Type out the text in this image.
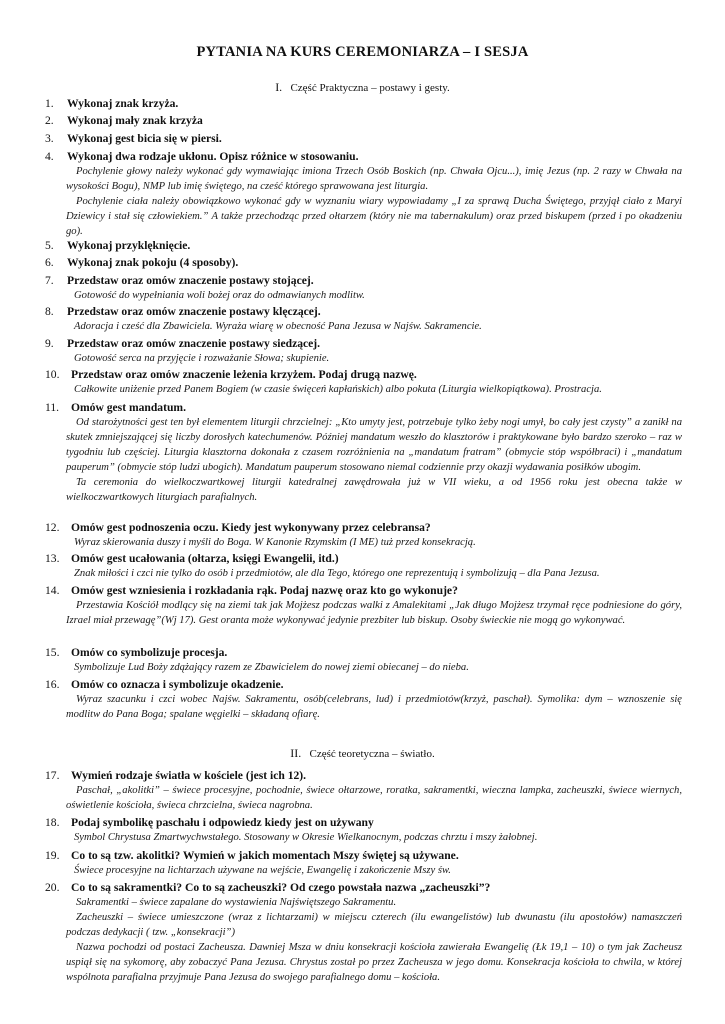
PYTANIA NA KURS CEREMONIARZA – I SESJA
I. Część Praktyczna – postawy i gesty.
1. Wykonaj znak krzyża.
2. Wykonaj mały znak krzyża
3. Wykonaj gest bicia się w piersi.
4. Wykonaj dwa rodzaje ukłonu. Opisz różnice w stosowaniu.

Pochylenie głowy należy wykonać gdy wymawiając imiona Trzech Osób Boskich (np. Chwała Ojcu...), imię Jezus (np. 2 razy w Chwała na wysokości Bogu), NMP lub imię świętego, na cześć którego sprawowana jest liturgia.

Pochylenie ciała należy obowiązkowo wykonać gdy w wyznaniu wiary wypowiadamy „I za sprawą Ducha Świętego, przyjął ciało z Maryi Dziewicy i stał się człowiekiem.” A także przechodząc przed ołtarzem (który nie ma tabernakulum) oraz przed biskupem (przed i po okadzeniu go).

5. Wykonaj przyklęknięcie.
6. Wykonaj znak pokoju (4 sposoby).
7. Przedstaw oraz omów znaczenie postawy stojącej.

Gotowość do wypełniania woli bożej oraz do odmawianych modlitw.

8. Przedstaw oraz omów znaczenie postawy klęczącej.

Adoracja i cześć dla Zbawiciela. Wyraża wiarę w obecność Pana Jezusa w Najśw. Sakramencie.

9. Przedstaw oraz omów znaczenie postawy siedzącej.

Gotowość serca na przyjęcie i rozważanie Słowa; skupienie.

10. Przedstaw oraz omów znaczenie leżenia krzyżem. Podaj drugą nazwę.

Całkowite uniżenie przed Panem Bogiem (w czasie święceń kapłańskich) albo pokuta (Liturgia wielkopiątkowa). Prostracja.

11. Omów gest mandatum.

Od starożytności gest ten był elementem liturgii chrzcielnej: „Kto umyty jest, potrzebuje tylko żeby nogi umył, bo cały jest czysty” a zanikł na skutek zmniejszającej się liczby dorosłych katechumenów. Później mandatum weszło do klasztorów i praktykowane było bardzo szeroko – raz w tygodniu lub częściej. Liturgia klasztorna dokonała z czasem rozróżnienia na „mandatum fratram” (obmycie stóp współbraci) i „mandatum pauperum” (obmycie stóp ludzi ubogich). Mandatum pauperum stosowano niemal codziennie przy okazji wydawania posiłków ubogim.

Ta ceremonia do wielkoczwartkowej liturgii katedralnej zawędrowała już w VII wieku, a od 1956 roku jest obecna także w wielkoczwartkowych liturgiach parafialnych.

12. Omów gest podnoszenia oczu. Kiedy jest wykonywany przez celebransa?

Wyraz skierowania duszy i myśli do Boga. W Kanonie Rzymskim (I ME) tuż przed konsekracją.

13. Omów gest ucałowania (ołtarza, księgi Ewangelii, itd.)

Znak miłości i czci nie tylko do osób i przedmiotów, ale dla Tego, którego one reprezentują i symbolizują – dla Pana Jezusa.

14. Omów gest wzniesienia i rozkładania rąk. Podaj nazwę oraz kto go wykonuje?

Przestawia Kościół modlący się na ziemi tak jak Mojżesz podczas walki z Amalekitami „Jak długo Mojżesz trzymał ręce podniesione do góry, Izrael miał przewagę”(Wj 17). Gest oranta może wykonywać jedynie prezbiter lub biskup. Osoby świeckie nie mogą go wykonywać.

15. Omów co symbolizuje procesja.

Symbolizuje Lud Boży zdążający razem ze Zbawicielem do nowej ziemi obiecanej – do nieba.

16. Omów co oznacza i symbolizuje okadzenie.

Wyraz szacunku i czci wobec Najśw. Sakramentu, osób(celebrans, lud) i przedmiotów(krzyż, paschał). Symolika: dym – wznoszenie się modlitw do Pana Boga; spalane węgielki – składaną ofiarę.

II. Część teoretyczna – światło.
17. Wymień rodzaje światła w kościele (jest ich 12).

Paschał, „akolitki” – świece procesyjne, pochodnie, świece ołtarzowe, roratka, sakramentki, wieczna lampka, zacheuszki, świece wiernych, oświetlenie kościoła, świeca chrzcielna, świeca nagrobna.

18. Podaj symbolikę paschału i odpowiedz kiedy jest on używany

Symbol Chrystusa Zmartwychwstałego. Stosowany w Okresie Wielkanocnym, podczas chrztu i mszy żałobnej.

19. Co to są tzw. akolitki? Wymień w jakich momentach Mszy świętej są używane.

Świece procesyjne na lichtarzach używane na wejście, Ewangelię i zakończenie Mszy św.

20. Co to są sakramentki? Co to są zacheuszki? Od czego powstała nazwa „zacheuszki”?

Sakramentki – świece zapalane do wystawienia Najświętszego Sakramentu.

Zacheuszki – świece umieszczone (wraz z lichtarzami) w miejscu czterech (ilu ewangelistów) lub dwunastu (ilu apostołów) namaszczeń podczas dedykacji ( tzw. „konsekracji”)

Nazwa pochodzi od postaci Zacheusza. Dawniej Msza w dniu konsekracji kościoła zawierała Ewangelię (Łk 19,1 – 10) o tym jak Zacheusz uspiął się na sykomorę, aby zobaczyć Pana Jezusa. Chrystus został po przez Zacheusza w jego domu. Konsekracja kościoła to chwila, w której wspólnota parafialna przyjmuje Pana Jezusa do swojego parafialnego domu – kościoła.
